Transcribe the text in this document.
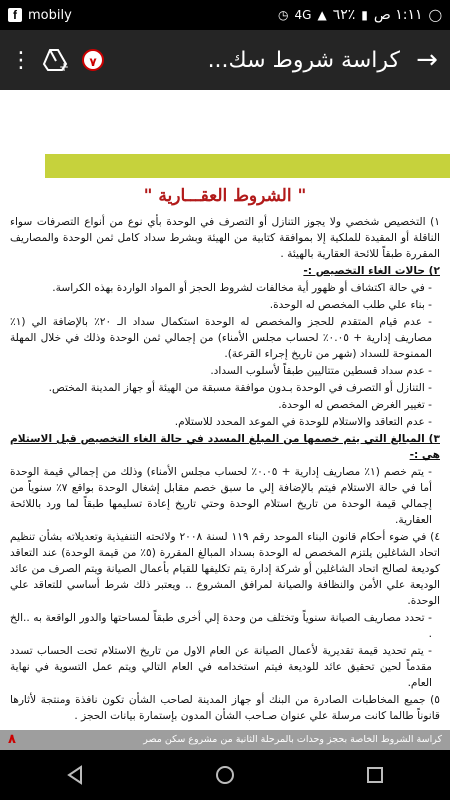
f mobily	◷ 4G ▲ ٦٢٪ ▮ ١:١١ ص ◯
" الشروط العقـــارية "

١) التخصيص شخصي ولا يجوز التنازل أو التصرف في الوحدة بأي نوع من أنواع التصرفات سواء الناقلة أو المقيدة للملكية إلا بموافقة كتابية من الهيئة وبشرط سداد كامل ثمن الوحدة والمصاريف المقررة طبقاً للائحة العقارية بالهيئة .

٢) حالات الغاء التخصيص :-

- في حالة اكتشاف أو ظهور أية مخالفات لشروط الحجز أو المواد الواردة بهذه الكراسة.

- بناء علي طلب المخصص له الوحدة.

- عدم قيام المتقدم للحجز والمخصص له الوحدة استكمال سداد الـ ٢٠٪ بالإضافة الي (١٪ مصاريف إدارية + ٠.٠٥٪ لحساب مجلس الأمناء) من إجمالي ثمن الوحدة وذلك في خلال المهلة الممنوحة للسداد (شهر من تاريخ إجراء القرعة).

- عدم سداد قسطين متتاليين طبقاً لأسلوب السداد.

- التنازل أو التصرف في الوحدة بـدون موافقة مسبقة من الهيئة أو جهاز المدينة المختص.

- تغيير الغرض المخصص له الوحدة.

- عدم التعاقد والاستلام للوحدة في الموعد المحدد للاستلام.

٣) المبالغ التي يتم خصمها من المبلغ المسدد في حالة الغاء التخصيص قبل الاستلام هي :-

- يتم خصم (١٪ مصاريف إدارية + ٠.٠٥٪ لحساب مجلس الأمناء) وذلك من إجمالي قيمة الوحدة أما في حالة الاستلام فيتم بالإضافة إلي ما سبق خصم مقابل إشغال الوحدة بواقع ٧٪ سنوياً من إجمالي قيمة الوحدة من تاريخ استلام الوحدة وحتي تاريخ إعادة تسليمها طبقاً لما ورد باللائحة العقارية.

٤) في ضوء أحكام قانون البناء الموحد رقم ١١٩ لسنة ٢٠٠٨ ولائحته التنفيذية وتعديلاته بشأن تنظيم اتحاد الشاغلين يلتزم المخصص له الوحدة بسداد المبالغ المقررة (٥٪ من قيمة الوحدة) عند التعاقد كوديعة لصالح اتحاد الشاغلين أو شركة إدارة يتم تكليفها للقيام بأعمال الصيانة ويتم الصرف من عائد الوديعة علي الأمن والنظافة والصيانة لمرافق المشروع .. ويعتبر ذلك شرط أساسي للتعاقد علي الوحدة.

- تحدد مصاريف الصيانة سنوياً وتختلف من وحدة إلي أخرى طبقاً لمساحتها والدور الواقعة به ..الخ .

- يتم تحديد قيمة تقديرية لأعمال الصيانة عن العام الاول من تاريخ الاستلام تحت الحساب تسدد مقدماً لحين تحقيق عائد للوديعة فيتم استخدامه في العام التالي ويتم عمل التسوية في نهاية العام.

٥) جميع المخاطبات الصادرة من البنك أو جهاز المدينة لصاحب الشأن تكون نافذة ومنتجة لأثارها قانوناً طالما كانت مرسلة علي عنوان صـاحب الشأن المدون بإستمارة بيانات الحجز .

كراسة الشروط الخاصة بحجز وحدات بالمرحلة الثانية من مشروع سكن مصر
٨
⋮ +	٧	كراسة شروط سك... →
